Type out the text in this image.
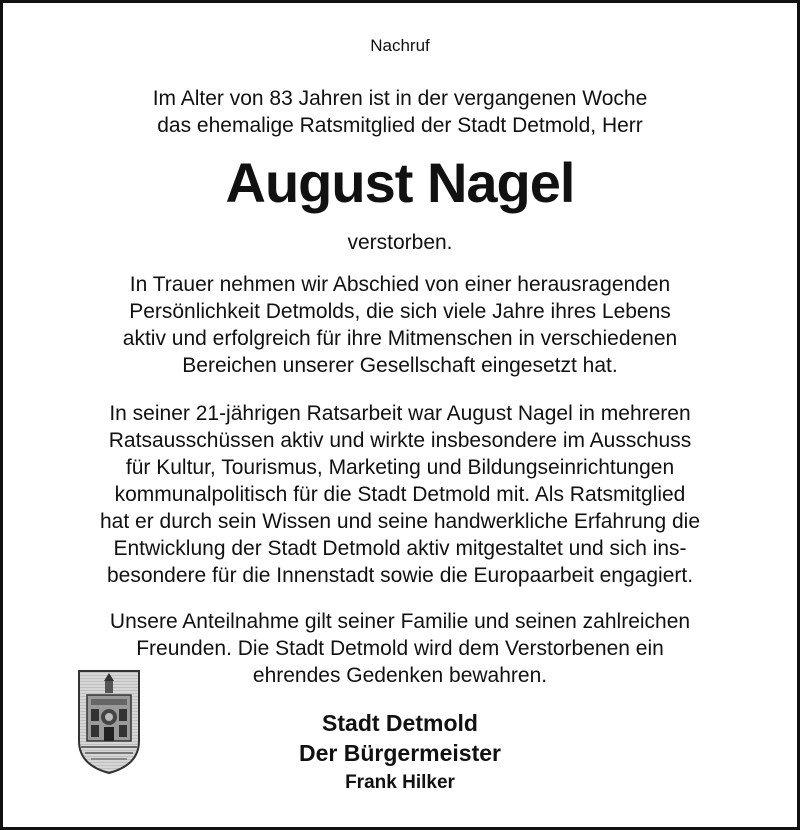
Nachruf
Im Alter von 83 Jahren ist in der vergangenen Woche
das ehemalige Ratsmitglied der Stadt Detmold, Herr
August Nagel
verstorben.
In Trauer nehmen wir Abschied von einer herausragenden
Persönlichkeit Detmolds, die sich viele Jahre ihres Lebens
aktiv und erfolgreich für ihre Mitmenschen in verschiedenen
Bereichen unserer Gesellschaft eingesetzt hat.
In seiner 21-jährigen Ratsarbeit war August Nagel in mehreren
Ratsausschüssen aktiv und wirkte insbesondere im Ausschuss
für Kultur, Tourismus, Marketing und Bildungseinrichtungen
kommunalpolitisch für die Stadt Detmold mit. Als Ratsmitglied
hat er durch sein Wissen und seine handwerkliche Erfahrung die
Entwicklung der Stadt Detmold aktiv mitgestaltet und sich ins-
besondere für die Innenstadt sowie die Europaarbeit engagiert.
Unsere Anteilnahme gilt seiner Familie und seinen zahlreichen
Freunden. Die Stadt Detmold wird dem Verstorbenen ein
ehrendes Gedenken bewahren.
Stadt Detmold
Der Bürgermeister
Frank Hilker
